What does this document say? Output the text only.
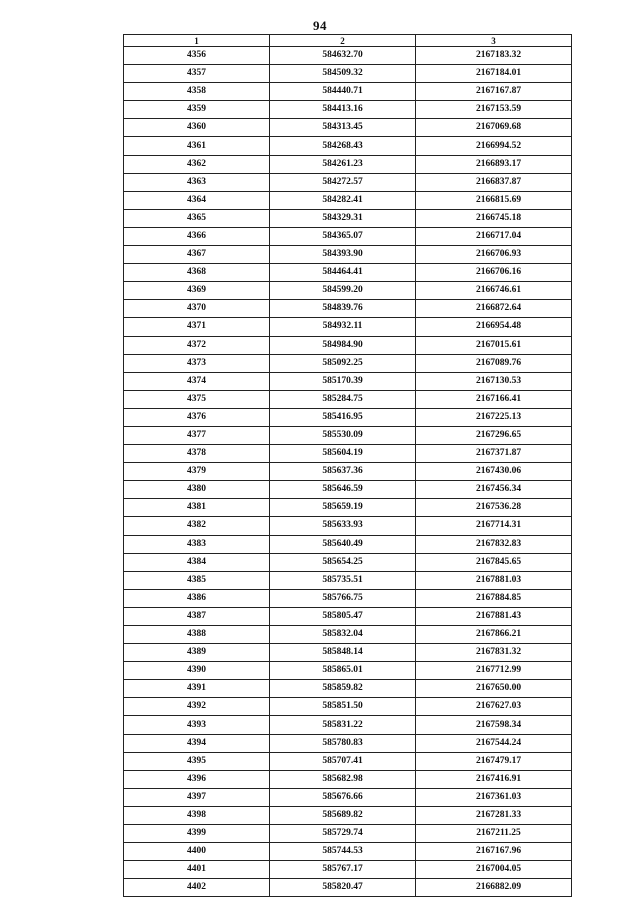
94
1	2	3
4356	584632.70	2167183.32
4357	584509.32	2167184.01
4358	584440.71	2167167.87
4359	584413.16	2167153.59
4360	584313.45	2167069.68
4361	584268.43	2166994.52
4362	584261.23	2166893.17
4363	584272.57	2166837.87
4364	584282.41	2166815.69
4365	584329.31	2166745.18
4366	584365.07	2166717.04
4367	584393.90	2166706.93
4368	584464.41	2166706.16
4369	584599.20	2166746.61
4370	584839.76	2166872.64
4371	584932.11	2166954.48
4372	584984.90	2167015.61
4373	585092.25	2167089.76
4374	585170.39	2167130.53
4375	585284.75	2167166.41
4376	585416.95	2167225.13
4377	585530.09	2167296.65
4378	585604.19	2167371.87
4379	585637.36	2167430.06
4380	585646.59	2167456.34
4381	585659.19	2167536.28
4382	585633.93	2167714.31
4383	585640.49	2167832.83
4384	585654.25	2167845.65
4385	585735.51	2167881.03
4386	585766.75	2167884.85
4387	585805.47	2167881.43
4388	585832.04	2167866.21
4389	585848.14	2167831.32
4390	585865.01	2167712.99
4391	585859.82	2167650.00
4392	585851.50	2167627.03
4393	585831.22	2167598.34
4394	585780.83	2167544.24
4395	585707.41	2167479.17
4396	585682.98	2167416.91
4397	585676.66	2167361.03
4398	585689.82	2167281.33
4399	585729.74	2167211.25
4400	585744.53	2167167.96
4401	585767.17	2167004.05
4402	585820.47	2166882.09
